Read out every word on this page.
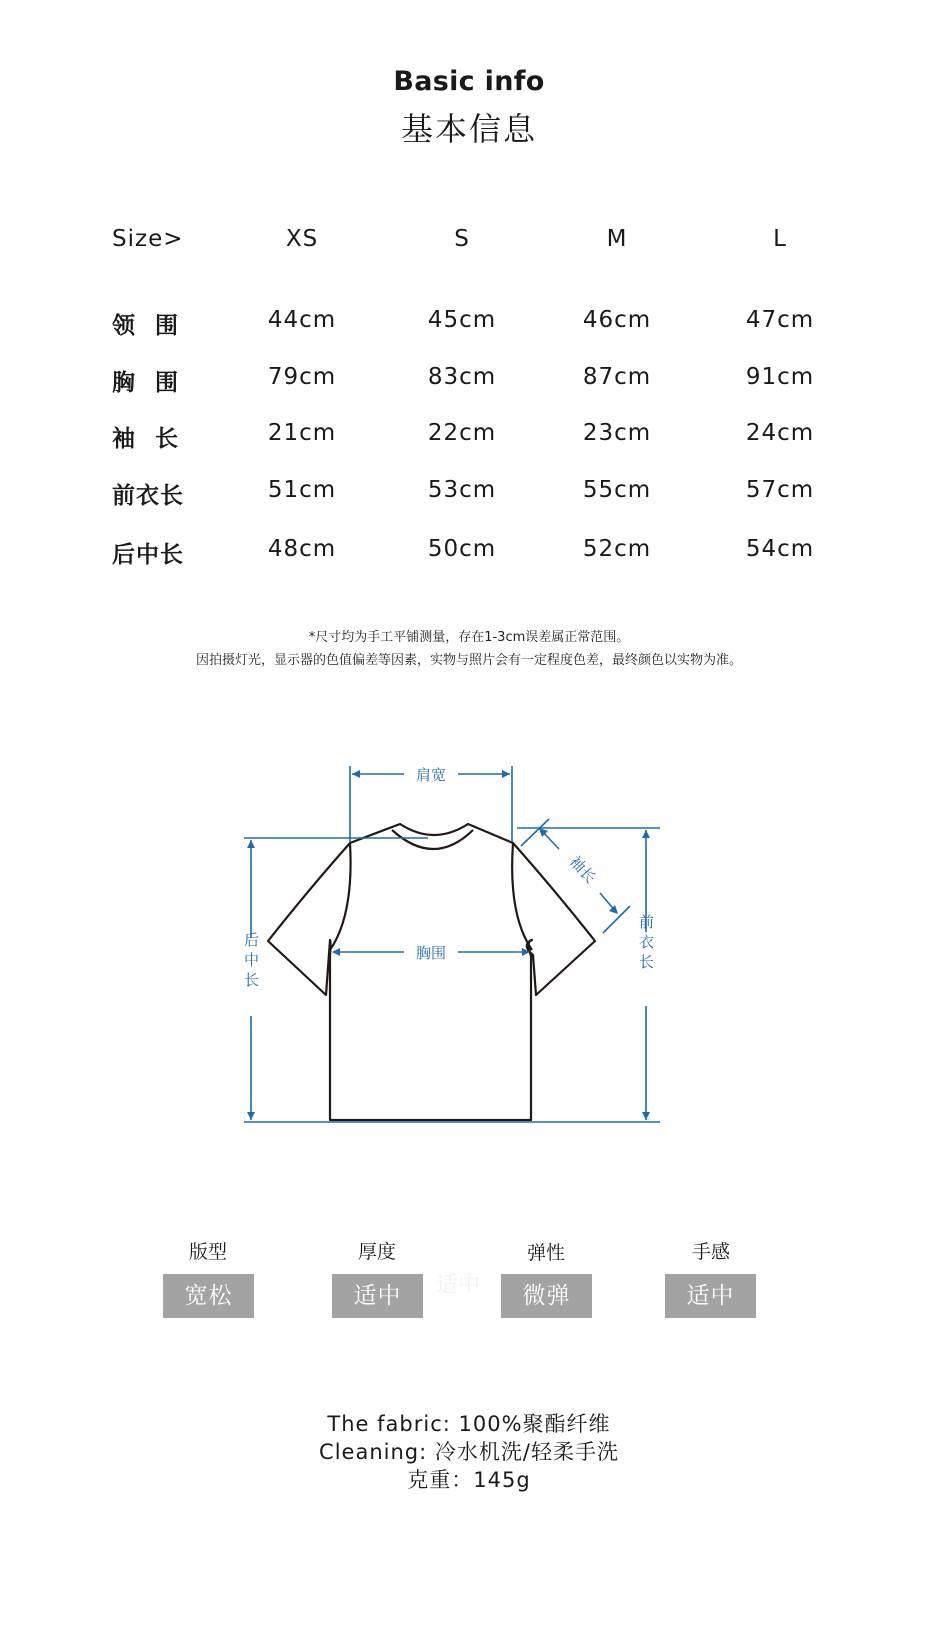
Basic info
基本信息
Size>	XS	S	M	L
领 围	44cm	45cm	46cm	47cm
胸 围	79cm	83cm	87cm	91cm
袖 长	21cm	22cm	23cm	24cm
前衣长	51cm	53cm	55cm	57cm
后中长	48cm	50cm	52cm	54cm
*尺寸均为手工平铺测量，存在1-3cm误差属正常范围。
因拍摄灯光，显示器的色值偏差等因素，实物与照片会有一定程度色差，最终颜色以实物为准。
肩宽
胸围
袖长
后中长	前衣长
适中
版型	厚度	弹性	手感
宽松	适中	微弹	适中
The fabric: 100%聚酯纤维
Cleaning: 冷水机洗/轻柔手洗
克重：145g
